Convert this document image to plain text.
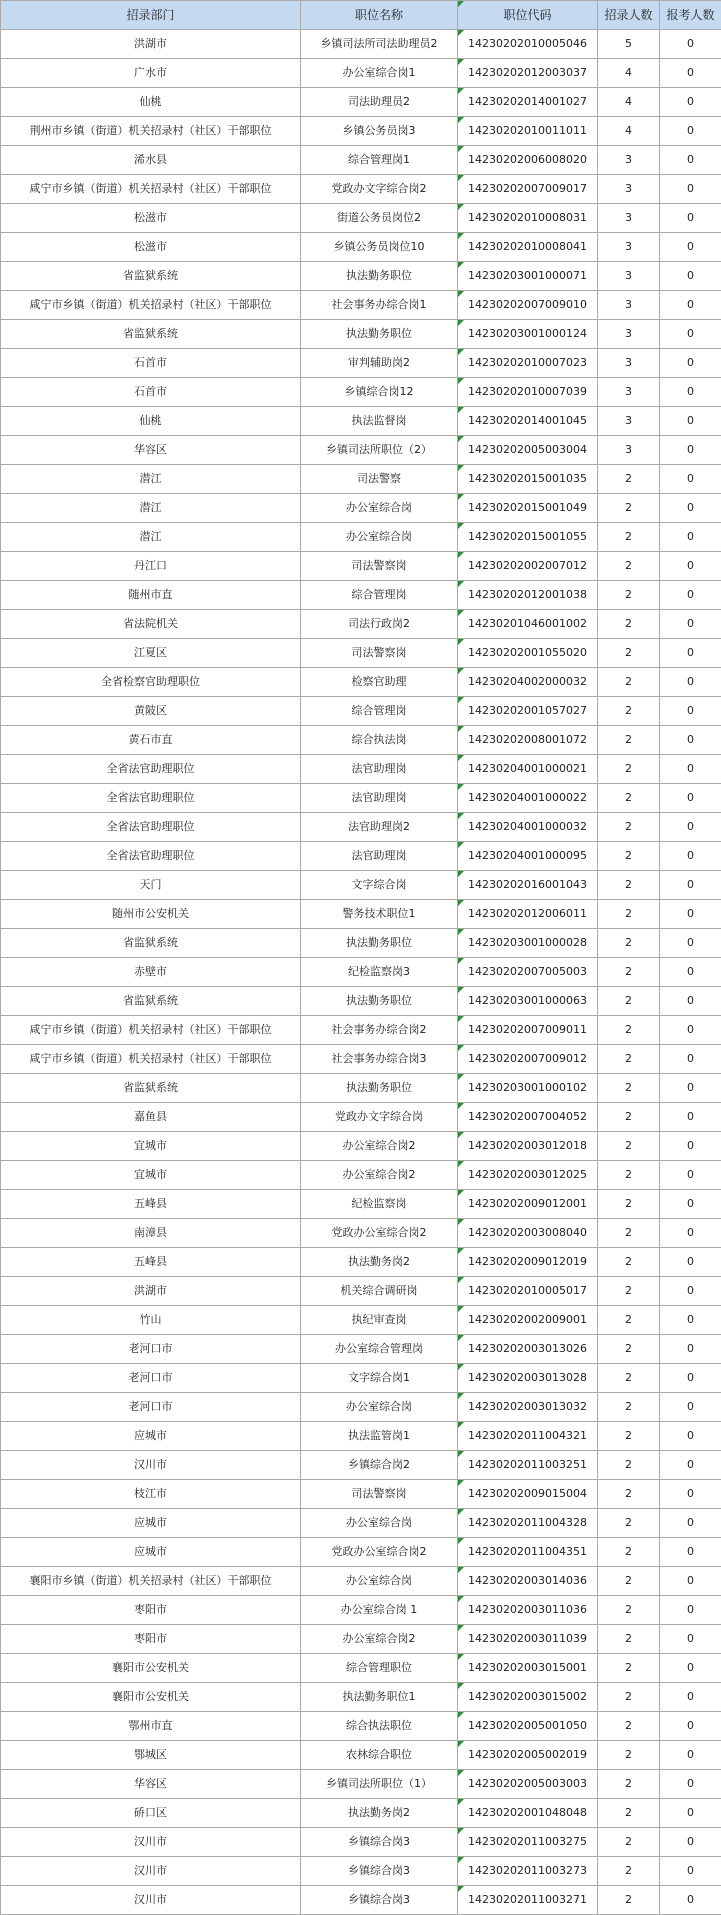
招录部门	职位名称	职位代码	招录人数	报考人数
洪湖市	乡镇司法所司法助理员2	14230202010005046	5	0
广水市	办公室综合岗1	14230202012003037	4	0
仙桃	司法助理员2	14230202014001027	4	0
荆州市乡镇（街道）机关招录村（社区）干部职位	乡镇公务员岗3	14230202010011011	4	0
浠水县	综合管理岗1	14230202006008020	3	0
咸宁市乡镇（街道）机关招录村（社区）干部职位	党政办文字综合岗2	14230202007009017	3	0
松滋市	街道公务员岗位2	14230202010008031	3	0
松滋市	乡镇公务员岗位10	14230202010008041	3	0
省监狱系统	执法勤务职位	14230203001000071	3	0
咸宁市乡镇（街道）机关招录村（社区）干部职位	社会事务办综合岗1	14230202007009010	3	0
省监狱系统	执法勤务职位	14230203001000124	3	0
石首市	审判辅助岗2	14230202010007023	3	0
石首市	乡镇综合岗12	14230202010007039	3	0
仙桃	执法监督岗	14230202014001045	3	0
华容区	乡镇司法所职位（2）	14230202005003004	3	0
潜江	司法警察	14230202015001035	2	0
潜江	办公室综合岗	14230202015001049	2	0
潜江	办公室综合岗	14230202015001055	2	0
丹江口	司法警察岗	14230202002007012	2	0
随州市直	综合管理岗	14230202012001038	2	0
省法院机关	司法行政岗2	14230201046001002	2	0
江夏区	司法警察岗	14230202001055020	2	0
全省检察官助理职位	检察官助理	14230204002000032	2	0
黄陂区	综合管理岗	14230202001057027	2	0
黄石市直	综合执法岗	14230202008001072	2	0
全省法官助理职位	法官助理岗	14230204001000021	2	0
全省法官助理职位	法官助理岗	14230204001000022	2	0
全省法官助理职位	法官助理岗2	14230204001000032	2	0
全省法官助理职位	法官助理岗	14230204001000095	2	0
天门	文字综合岗	14230202016001043	2	0
随州市公安机关	警务技术职位1	14230202012006011	2	0
省监狱系统	执法勤务职位	14230203001000028	2	0
赤壁市	纪检监察岗3	14230202007005003	2	0
省监狱系统	执法勤务职位	14230203001000063	2	0
咸宁市乡镇（街道）机关招录村（社区）干部职位	社会事务办综合岗2	14230202007009011	2	0
咸宁市乡镇（街道）机关招录村（社区）干部职位	社会事务办综合岗3	14230202007009012	2	0
省监狱系统	执法勤务职位	14230203001000102	2	0
嘉鱼县	党政办文字综合岗	14230202007004052	2	0
宜城市	办公室综合岗2	14230202003012018	2	0
宜城市	办公室综合岗2	14230202003012025	2	0
五峰县	纪检监察岗	14230202009012001	2	0
南漳县	党政办公室综合岗2	14230202003008040	2	0
五峰县	执法勤务岗2	14230202009012019	2	0
洪湖市	机关综合调研岗	14230202010005017	2	0
竹山	执纪审查岗	14230202002009001	2	0
老河口市	办公室综合管理岗	14230202003013026	2	0
老河口市	文字综合岗1	14230202003013028	2	0
老河口市	办公室综合岗	14230202003013032	2	0
应城市	执法监管岗1	14230202011004321	2	0
汉川市	乡镇综合岗2	14230202011003251	2	0
枝江市	司法警察岗	14230202009015004	2	0
应城市	办公室综合岗	14230202011004328	2	0
应城市	党政办公室综合岗2	14230202011004351	2	0
襄阳市乡镇（街道）机关招录村（社区）干部职位	办公室综合岗	14230202003014036	2	0
枣阳市	办公室综合岗 1	14230202003011036	2	0
枣阳市	办公室综合岗2	14230202003011039	2	0
襄阳市公安机关	综合管理职位	14230202003015001	2	0
襄阳市公安机关	执法勤务职位1	14230202003015002	2	0
鄂州市直	综合执法职位	14230202005001050	2	0
鄂城区	农林综合职位	14230202005002019	2	0
华容区	乡镇司法所职位（1）	14230202005003003	2	0
硚口区	执法勤务岗2	14230202001048048	2	0
汉川市	乡镇综合岗3	14230202011003275	2	0
汉川市	乡镇综合岗3	14230202011003273	2	0
汉川市	乡镇综合岗3	14230202011003271	2	0
